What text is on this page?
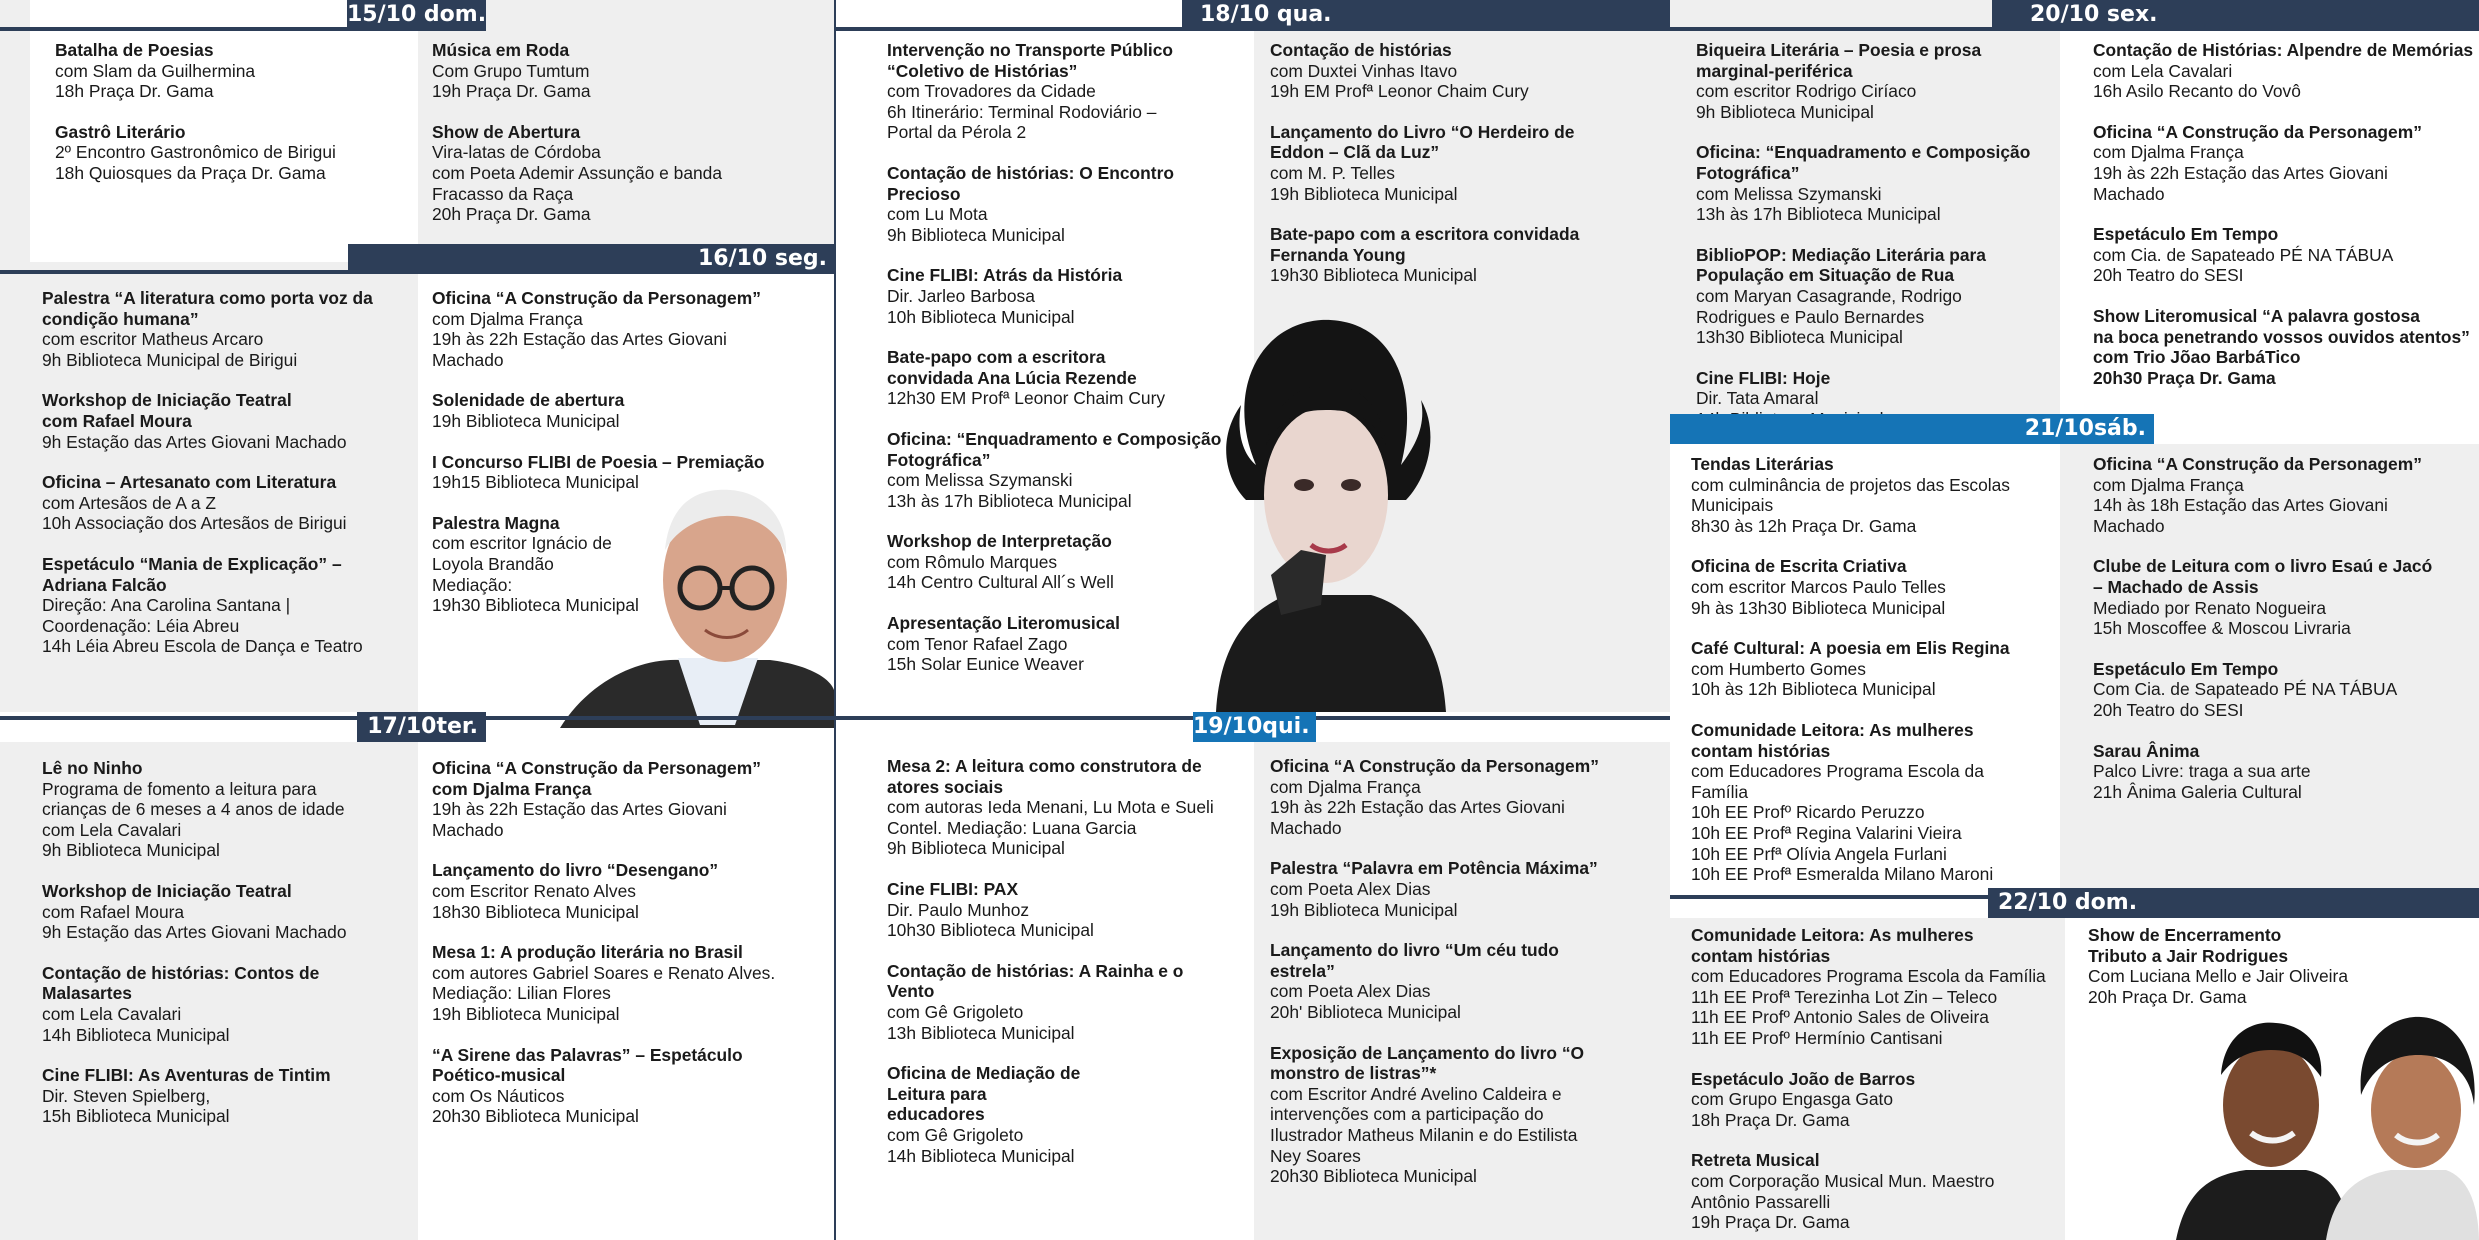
15/10 dom.
Batalha de Poesias
com Slam da Guilhermina
18h Praça Dr. Gama
Gastrô Literário
2º Encontro Gastronômico de Birigui
18h Quiosques da Praça Dr. Gama
Música em Roda
Com Grupo Tumtum
19h Praça Dr. Gama
Show de Abertura
Vira-latas de Córdoba
com Poeta Ademir Assunção e banda
Fracasso da Raça
20h Praça Dr. Gama
16/10 seg.
Palestra “A literatura como porta voz da
condição humana”
com escritor Matheus Arcaro
9h Biblioteca Municipal de Birigui
Workshop de Iniciação Teatral
com Rafael Moura
9h Estação das Artes Giovani Machado
Oficina – Artesanato com Literatura
com Artesãos de A a Z
10h Associação dos Artesãos de Birigui
Espetáculo “Mania de Explicação” –
Adriana Falcão
Direção: Ana Carolina Santana |
Coordenação: Léia Abreu
14h Léia Abreu Escola de Dança e Teatro
Oficina “A Construção da Personagem”
com Djalma França
19h às 22h Estação das Artes Giovani
Machado
Solenidade de abertura
19h Biblioteca Municipal
I Concurso FLIBI de Poesia – Premiação
19h15 Biblioteca Municipal
Palestra Magna
com escritor Ignácio de
Loyola Brandão
Mediação:
19h30 Biblioteca Municipal
17/10ter.
Lê no Ninho
Programa de fomento a leitura para
crianças de 6 meses a 4 anos de idade
com Lela Cavalari
9h Biblioteca Municipal
Workshop de Iniciação Teatral
com Rafael Moura
9h Estação das Artes Giovani Machado
Contação de histórias: Contos de
Malasartes
com Lela Cavalari
14h Biblioteca Municipal
Cine FLIBI: As Aventuras de Tintim
Dir. Steven Spielberg,
15h Biblioteca Municipal
Oficina “A Construção da Personagem”
com Djalma França
19h às 22h Estação das Artes Giovani
Machado
Lançamento do livro “Desengano”
com Escritor Renato Alves
18h30 Biblioteca Municipal
Mesa 1: A produção literária no Brasil
com autores Gabriel Soares e Renato Alves.
Mediação: Lilian Flores
19h Biblioteca Municipal
“A Sirene das Palavras” – Espetáculo
Poético-musical
com Os Náuticos
20h30 Biblioteca Municipal
18/10 qua.
Intervenção no Transporte Público
“Coletivo de Histórias”
com Trovadores da Cidade
6h Itinerário: Terminal Rodoviário –
Portal da Pérola 2
Contação de histórias: O Encontro
Precioso
com Lu Mota
9h Biblioteca Municipal
Cine FLIBI: Atrás da História
Dir. Jarleo Barbosa
10h Biblioteca Municipal
Bate-papo com a escritora
convidada Ana Lúcia Rezende
12h30 EM Profª Leonor Chaim Cury
Oficina: “Enquadramento e Composição
Fotográfica”
com Melissa Szymanski
13h às 17h Biblioteca Municipal
Workshop de Interpretação
com Rômulo Marques
14h Centro Cultural All´s Well
Apresentação Literomusical
com Tenor Rafael Zago
15h Solar Eunice Weaver
Contação de histórias
com Duxtei Vinhas Itavo
19h EM Profª Leonor Chaim Cury
Lançamento do Livro “O Herdeiro de
Eddon – Clã da Luz”
com M. P. Telles
19h Biblioteca Municipal
Bate-papo com a escritora convidada
Fernanda Young
19h30 Biblioteca Municipal
19/10qui.
Mesa 2: A leitura como construtora de
atores sociais
com autoras Ieda Menani, Lu Mota e Sueli
Contel. Mediação: Luana Garcia
9h Biblioteca Municipal
Cine FLIBI: PAX
Dir. Paulo Munhoz
10h30 Biblioteca Municipal
Contação de histórias: A Rainha e o
Vento
com Gê Grigoleto
13h Biblioteca Municipal
Oficina de Mediação de
Leitura para
educadores
com Gê Grigoleto
14h Biblioteca Municipal
Oficina “A Construção da Personagem”
com Djalma França
19h às 22h Estação das Artes Giovani
Machado
Palestra “Palavra em Potência Máxima”
com Poeta Alex Dias
19h Biblioteca Municipal
Lançamento do livro “Um céu tudo
estrela”
com Poeta Alex Dias
20h' Biblioteca Municipal
Exposição de Lançamento do livro “O
monstro de listras”*
com Escritor André Avelino Caldeira e
intervenções com a participação do
Ilustrador Matheus Milanin e do Estilista
Ney Soares
20h30 Biblioteca Municipal
20/10 sex.
Biqueira Literária – Poesia e prosa
marginal-periférica
com escritor Rodrigo Ciríaco
9h Biblioteca Municipal
Oficina: “Enquadramento e Composição
Fotográfica”
com Melissa Szymanski
13h às 17h Biblioteca Municipal
BiblioPOP: Mediação Literária para
População em Situação de Rua
com Maryan Casagrande, Rodrigo
Rodrigues e Paulo Bernardes
13h30 Biblioteca Municipal
Cine FLIBI: Hoje
Dir. Tata Amaral

Contação de Histórias: Alpendre de Memórias
com Lela Cavalari
16h Asilo Recanto do Vovô
Oficina “A Construção da Personagem”
com Djalma França
19h às 22h Estação das Artes Giovani
Machado
Espetáculo Em Tempo
com Cia. de Sapateado PÉ NA TÁBUA
20h Teatro do SESI
Show Literomusical “A palavra gostosa
na boca penetrando vossos ouvidos atentos”
com Trio Jõao BarbáTico
20h30 Praça Dr. Gama
21/10sáb.
Tendas Literárias
com culminância de projetos das Escolas
Municipais
8h30 às 12h Praça Dr. Gama
Oficina de Escrita Criativa
com escritor Marcos Paulo Telles
9h às 13h30 Biblioteca Municipal
Café Cultural: A poesia em Elis Regina
com Humberto Gomes
10h às 12h Biblioteca Municipal
Comunidade Leitora: As mulheres
contam histórias
com Educadores Programa Escola da
Família
10h EE Profº Ricardo Peruzzo
10h EE Profª Regina Valarini Vieira
10h EE Prfª Olívia Angela Furlani
10h EE Profª Esmeralda Milano Maroni
Oficina “A Construção da Personagem”
com Djalma França
14h às 18h Estação das Artes Giovani
Machado
Clube de Leitura com o livro Esaú e Jacó
– Machado de Assis
Mediado por Renato Nogueira
15h Moscoffee & Moscou Livraria
Espetáculo Em Tempo
Com Cia. de Sapateado PÉ NA TÁBUA
20h Teatro do SESI
Sarau Ânima
Palco Livre: traga a sua arte
21h Ânima Galeria Cultural
22/10 dom.
Comunidade Leitora: As mulheres
contam histórias
com Educadores Programa Escola da Família
11h EE Profª Terezinha Lot Zin – Teleco
11h EE Profº Antonio Sales de Oliveira
11h EE Profº Hermínio Cantisani
Espetáculo João de Barros
com Grupo Engasga Gato
18h Praça Dr. Gama
Retreta Musical
com Corporação Musical Mun. Maestro
Antônio Passarelli
19h Praça Dr. Gama
Show de Encerramento
Tributo a Jair Rodrigues
Com Luciana Mello e Jair Oliveira
20h Praça Dr. Gama
